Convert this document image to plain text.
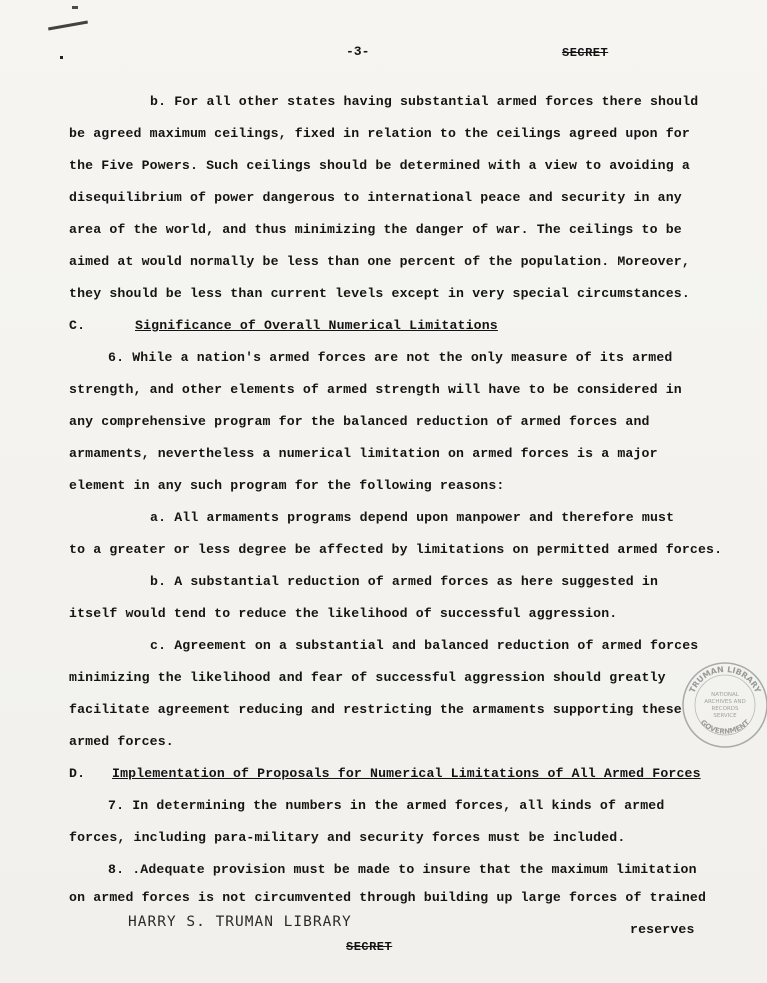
-3-	SECRET
b. For all other states having substantial armed forces there should
be agreed maximum ceilings, fixed in relation to the ceilings agreed upon for
the Five Powers. Such ceilings should be determined with a view to avoiding a
disequilibrium of power dangerous to international peace and security in any
area of the world, and thus minimizing the danger of war. The ceilings to be
aimed at would normally be less than one percent of the population. Moreover,
they should be less than current levels except in very special circumstances.
C.	Significance of Overall Numerical Limitations
6. While a nation's armed forces are not the only measure of its armed
strength, and other elements of armed strength will have to be considered in
any comprehensive program for the balanced reduction of armed forces and
armaments, nevertheless a numerical limitation on armed forces is a major
element in any such program for the following reasons:
a. All armaments programs depend upon manpower and therefore must
to a greater or less degree be affected by limitations on permitted armed forces.
b. A substantial reduction of armed forces as here suggested in
itself would tend to reduce the likelihood of successful aggression.
c. Agreement on a substantial and balanced reduction of armed forces
minimizing the likelihood and fear of successful aggression should greatly
facilitate agreement reducing and restricting the armaments supporting these
armed forces.
D. Implementation of Proposals for Numerical Limitations of All Armed Forces
7. In determining the numbers in the armed forces, all kinds of armed
forces, including para-military and security forces must be included.
8. .Adequate provision must be made to insure that the maximum limitation
on armed forces is not circumvented through building up large forces of trained
HARRY S. TRUMAN LIBRARY	reserves
SECRET
TRUMAN LIBRARY
GOVERNMENT
NATIONAL
ARCHIVES AND
RECORDS
SERVICE
